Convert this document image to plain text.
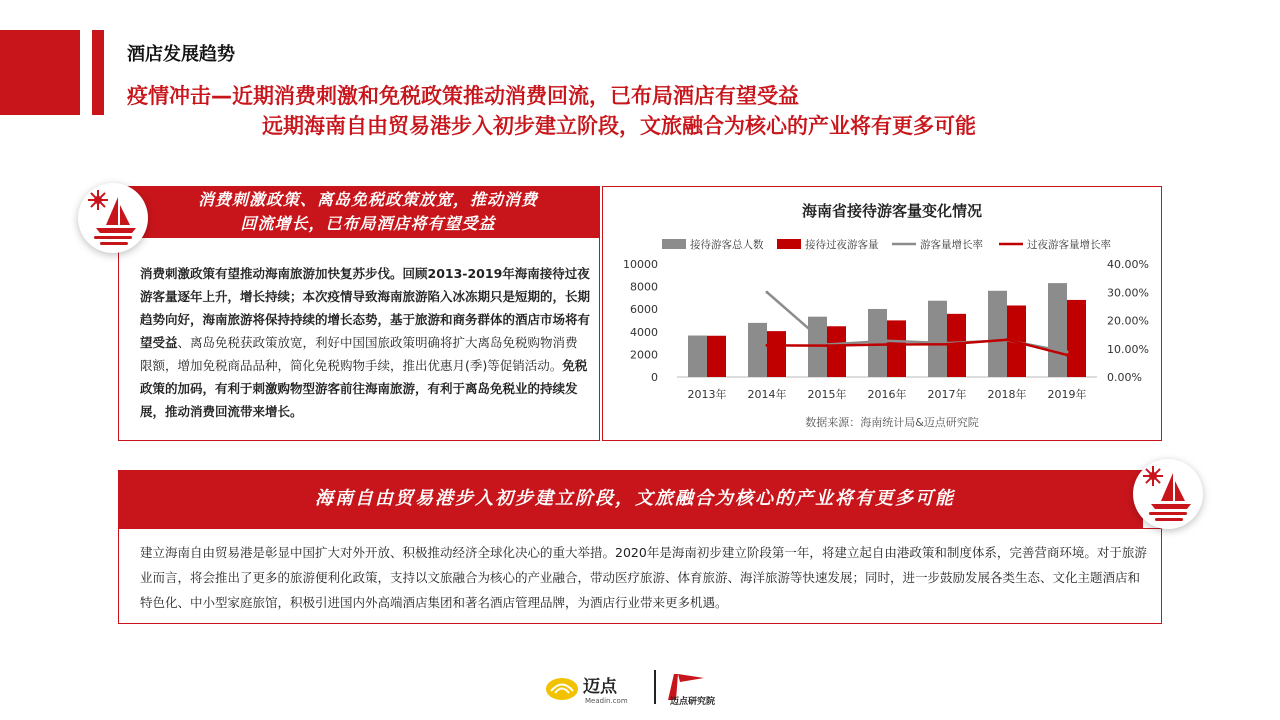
酒店发展趋势
疫情冲击—近期消费刺激和免税政策推动消费回流，已布局酒店有望受益
远期海南自由贸易港步入初步建立阶段，文旅融合为核心的产业将有更多可能
消费刺激政策、离岛免税政策放宽，推动消费
回流增长，已布局酒店将有望受益
消费刺激政策有望推动海南旅游加快复苏步伐。回顾2013-2019年海南接待过夜游客量逐年上升，增长持续；本次疫情导致海南旅游陷入冰冻期只是短期的，长期趋势向好，海南旅游将保持持续的增长态势，基于旅游和商务群体的酒店市场将有望受益、离岛免税获政策放宽，利好中国国旅政策明确将扩大离岛免税购物消费限额，增加免税商品品种，简化免税购物手续，推出优惠月(季)等促销活动。免税政策的加码，有利于刺激购物型游客前往海南旅游，有利于离岛免税业的持续发展，推动消费回流带来增长。
海南省接待游客量变化情况
接待游客总人数	接待过夜游客量	游客量增长率	过夜游客量增长率
10000
8000
6000
4000
2000
0
40.00%
30.00%
20.00%
10.00%
0.00%
2013年 2014年 2015年 2016年 2017年 2018年 2019年
数据来源：海南统计局&迈点研究院
海南自由贸易港步入初步建立阶段，文旅融合为核心的产业将有更多可能
建立海南自由贸易港是彰显中国扩大对外开放、积极推动经济全球化决心的重大举措。2020年是海南初步建立阶段第一年，将建立起自由港政策和制度体系，完善营商环境。对于旅游业而言，将会推出了更多的旅游便利化政策，支持以文旅融合为核心的产业融合，带动医疗旅游、体育旅游、海洋旅游等快速发展；同时，进一步鼓励发展各类生态、文化主题酒店和特色化、中小型家庭旅馆，积极引进国内外高端酒店集团和著名酒店管理品牌，为酒店行业带来更多机遇。
迈点
Meadin.com	迈点研究院
